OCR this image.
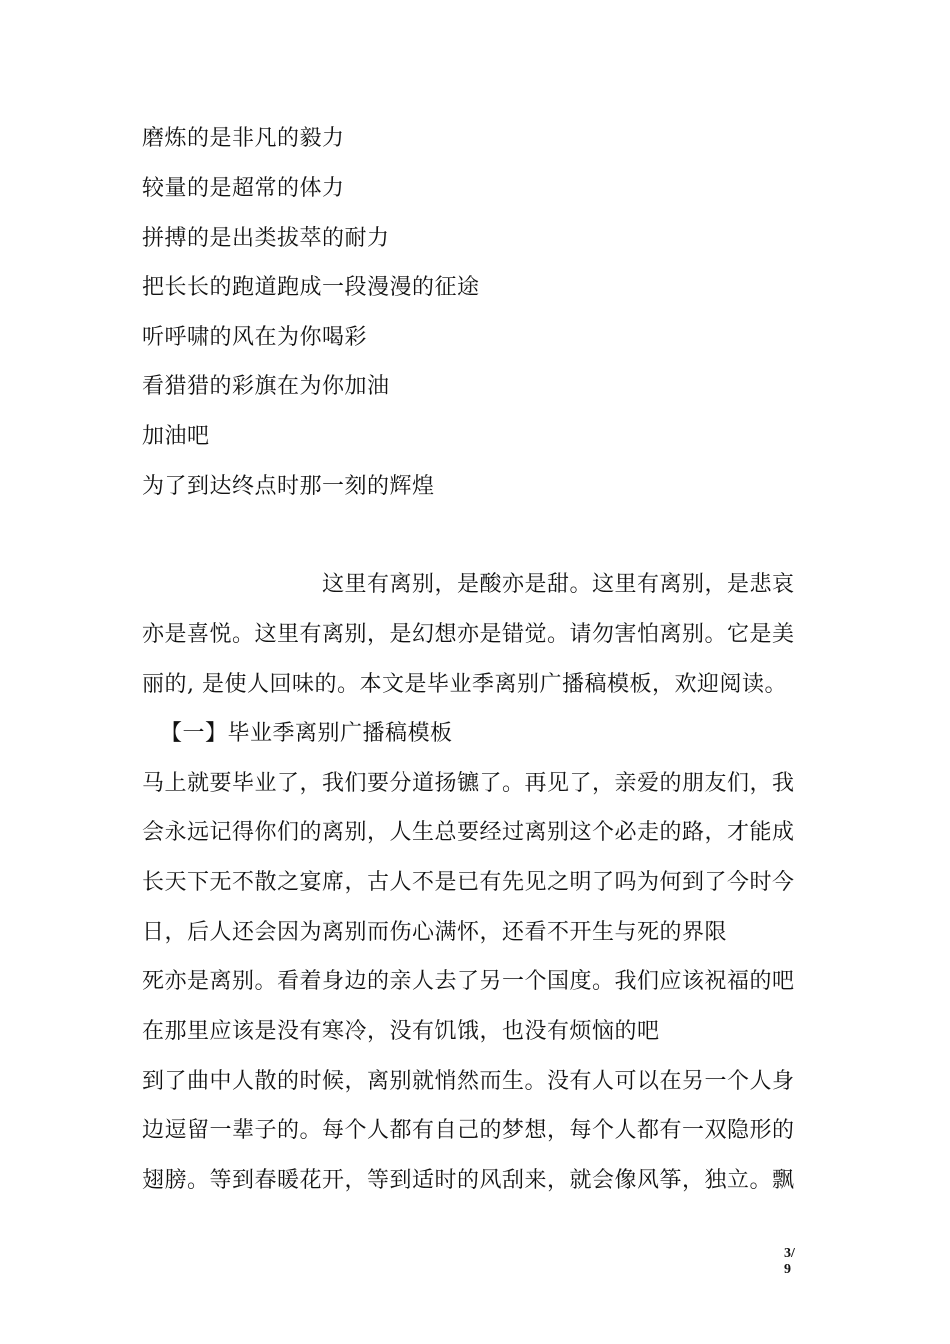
磨炼的是非凡的毅力
较量的是超常的体力
拼搏的是出类拔萃的耐力
把长长的跑道跑成一段漫漫的征途
听呼啸的风在为你喝彩
看猎猎的彩旗在为你加油
加油吧
为了到达终点时那一刻的辉煌
这里有离别，是酸亦是甜。这里有离别，是悲哀
亦是喜悦。这里有离别，是幻想亦是错觉。请勿害怕离别。它是美
丽的, 是使人回味的。本文是毕业季离别广播稿模板，欢迎阅读。
【一】毕业季离别广播稿模板
马上就要毕业了，我们要分道扬镳了。再见了，亲爱的朋友们，我
会永远记得你们的离别，人生总要经过离别这个必走的路，才能成
长天下无不散之宴席，古人不是已有先见之明了吗为何到了今时今
日，后人还会因为离别而伤心满怀，还看不开生与死的界限
死亦是离别。看着身边的亲人去了另一个国度。我们应该祝福的吧
在那里应该是没有寒冷，没有饥饿，也没有烦恼的吧
到了曲中人散的时候，离别就悄然而生。没有人可以在另一个人身
边逗留一辈子的。每个人都有自己的梦想，每个人都有一双隐形的
翅膀。等到春暖花开，等到适时的风刮来，就会像风筝，独立。飘
3/
9
